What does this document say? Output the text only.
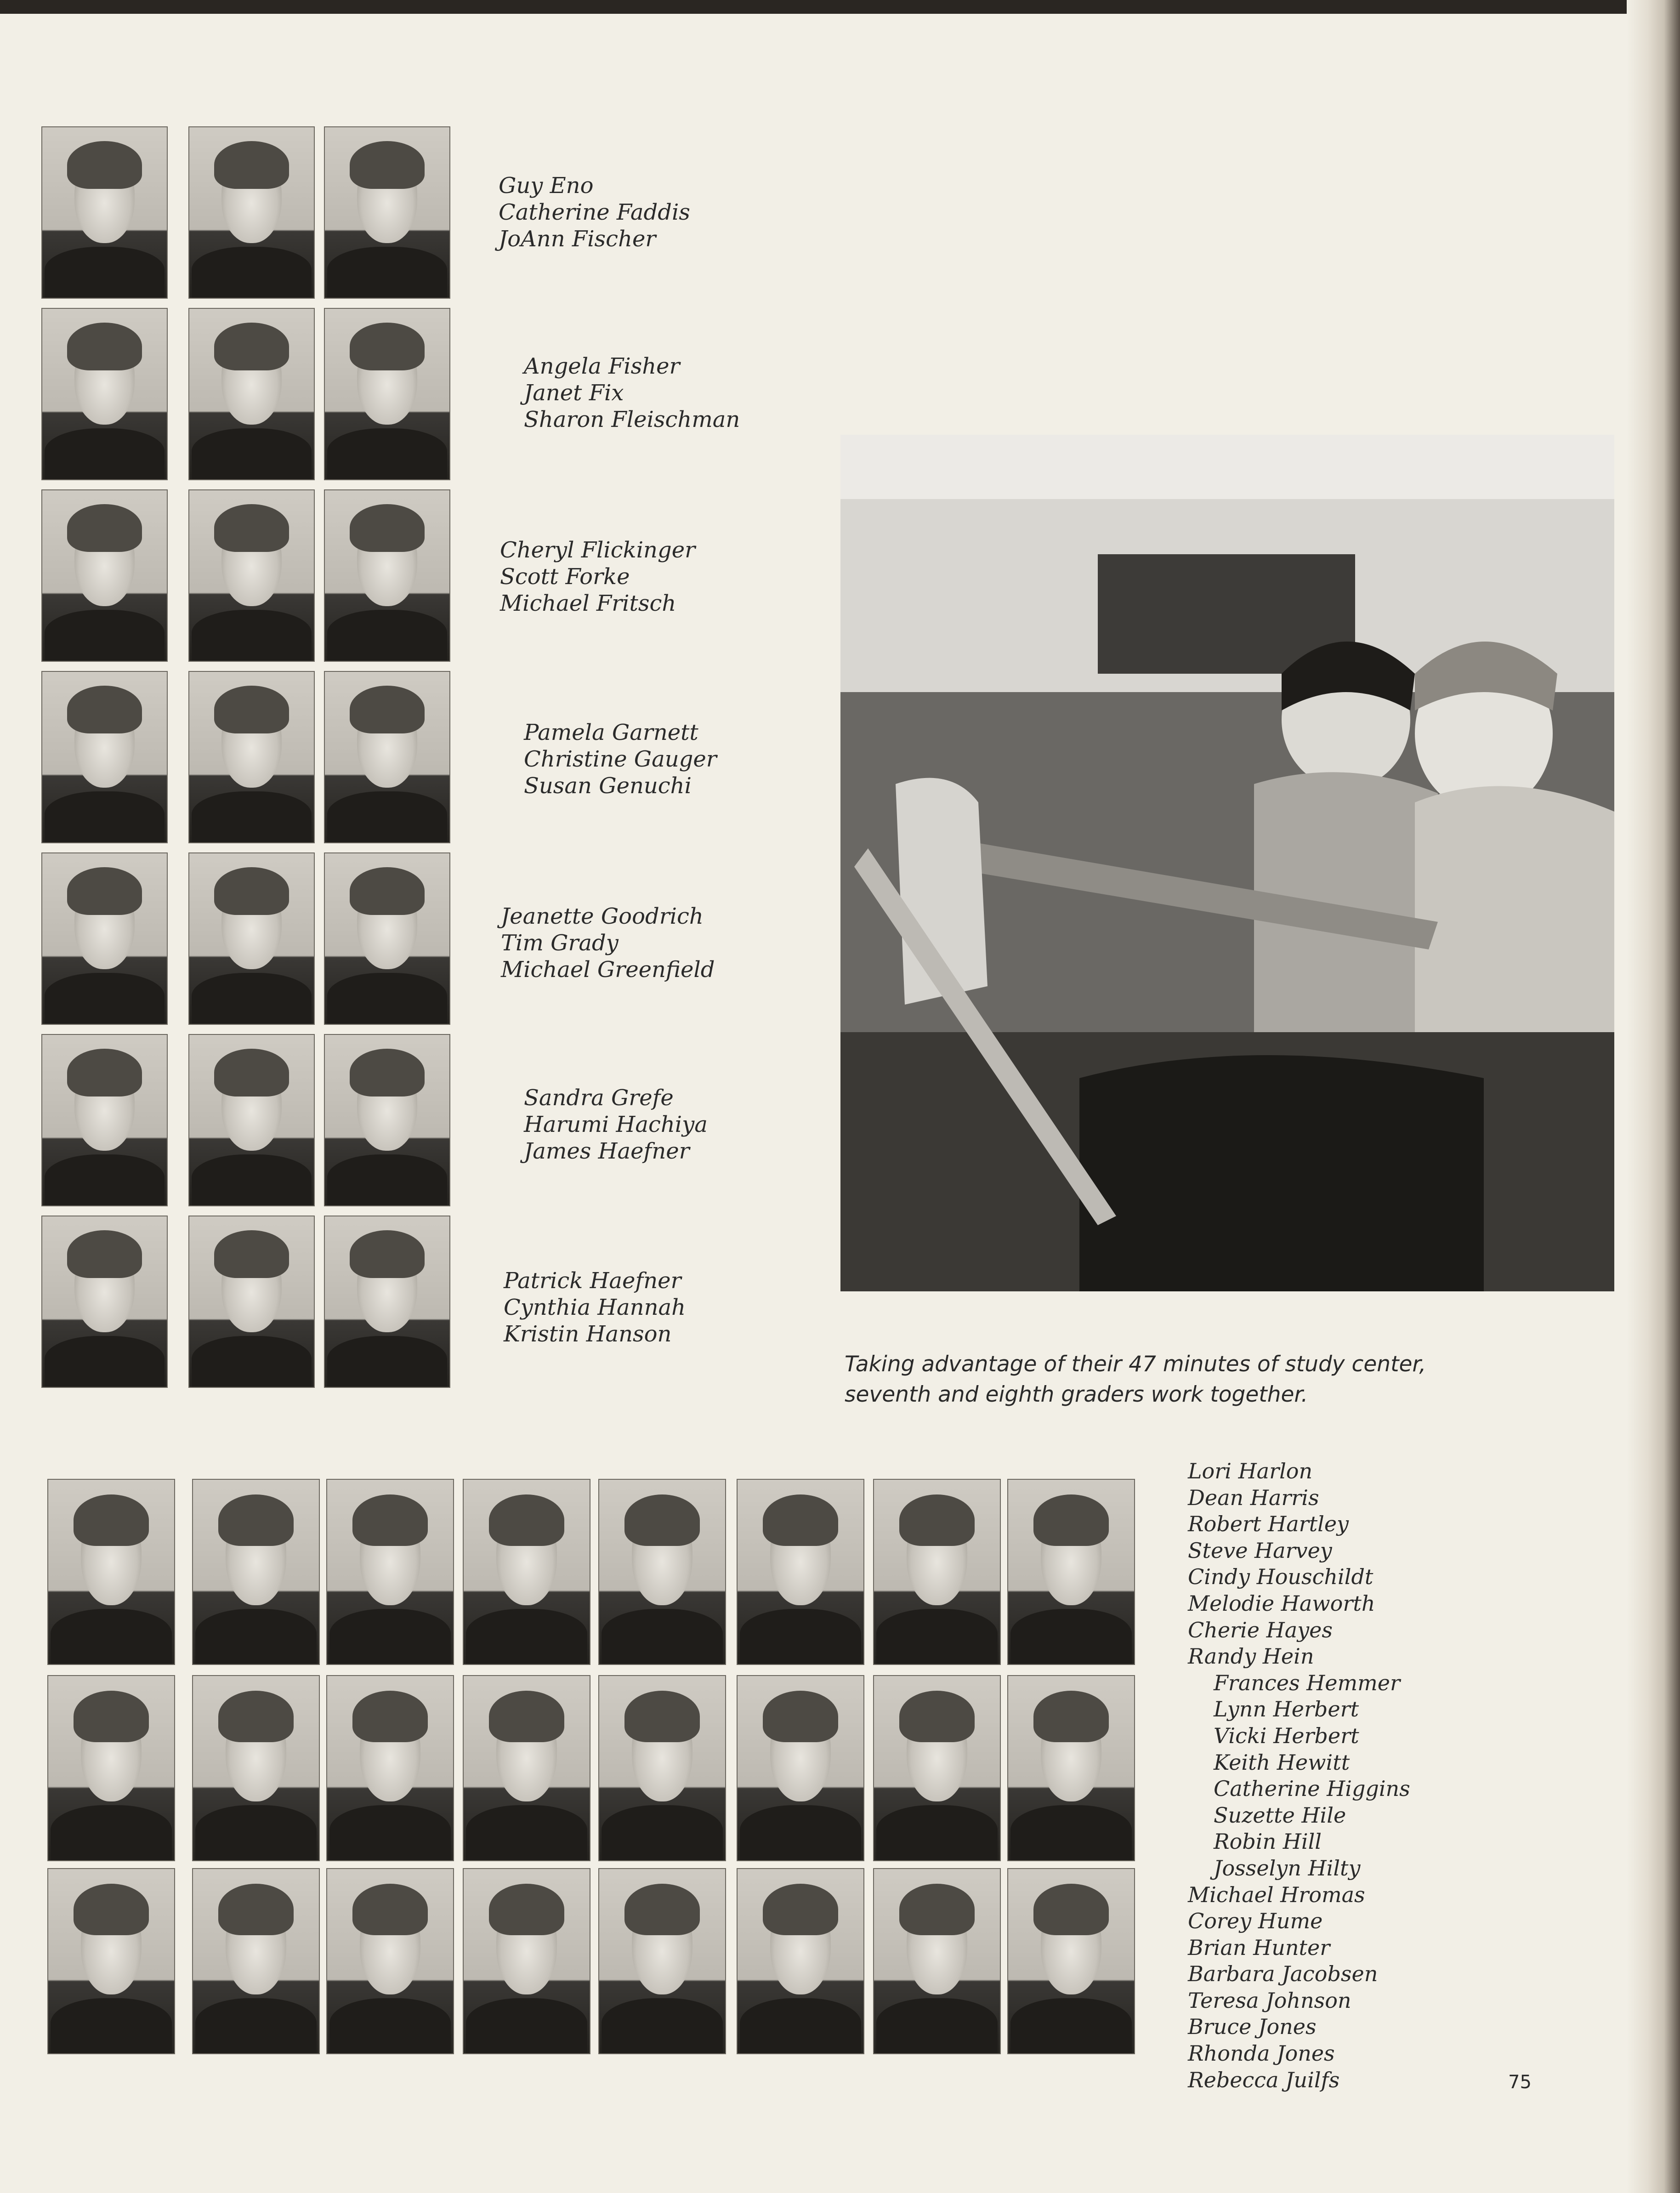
Guy Eno
Catherine Faddis
JoAnn Fischer
Angela Fisher
Janet Fix
Sharon Fleischman
Cheryl Flickinger
Scott Forke
Michael Fritsch
Pamela Garnett
Christine Gauger
Susan Genuchi
Jeanette Goodrich
Tim Grady
Michael Greenfield
Sandra Grefe
Harumi Hachiya
James Haefner
Patrick Haefner
Cynthia Hannah
Kristin Hanson
Taking advantage of their 47 minutes of study center, seventh and eighth graders work together.
Lori Harlon
Dean Harris
Robert Hartley
Steve Harvey
Cindy Houschildt
Melodie Haworth
Cherie Hayes
Randy Hein
Frances Hemmer
Lynn Herbert
Vicki Herbert
Keith Hewitt
Catherine Higgins
Suzette Hile
Robin Hill
Josselyn Hilty
Michael Hromas
Corey Hume
Brian Hunter
Barbara Jacobsen
Teresa Johnson
Bruce Jones
Rhonda Jones
Rebecca Juilfs	75
